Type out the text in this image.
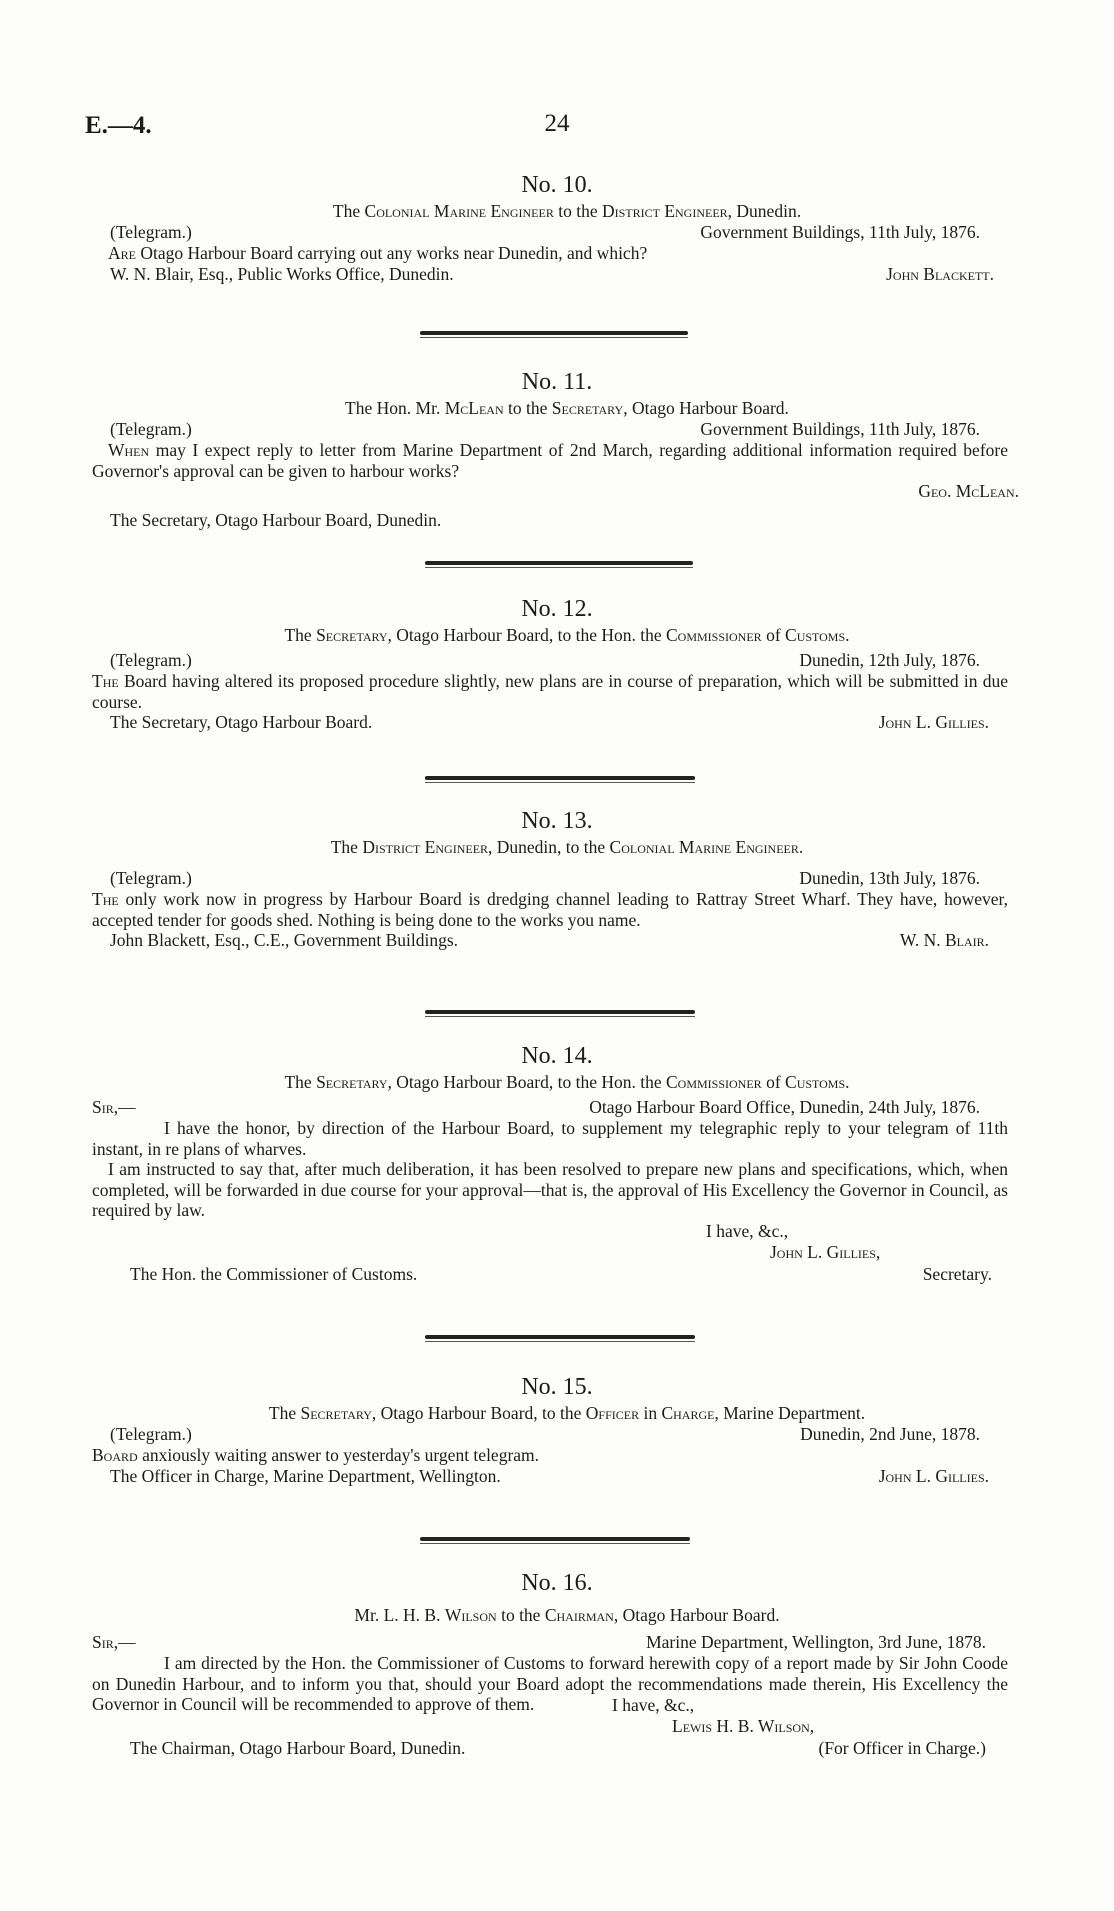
E.—4.	24
No. 10.
The Colonial Marine Engineer to the District Engineer, Dunedin.
(Telegram.)	Government Buildings, 11th July, 1876.
Are Otago Harbour Board carrying out any works near Dunedin, and which?
W. N. Blair, Esq., Public Works Office, Dunedin.	John Blackett.
No. 11.
The Hon. Mr. McLean to the Secretary, Otago Harbour Board.
(Telegram.)	Government Buildings, 11th July, 1876.
When may I expect reply to letter from Marine Department of 2nd March, regarding additional information required before Governor's approval can be given to harbour works?
Geo. McLean.
The Secretary, Otago Harbour Board, Dunedin.
No. 12.
The Secretary, Otago Harbour Board, to the Hon. the Commissioner of Customs.
(Telegram.)	Dunedin, 12th July, 1876.
The Board having altered its proposed procedure slightly, new plans are in course of preparation, which will be submitted in due course.
The Secretary, Otago Harbour Board.	John L. Gillies.
No. 13.
The District Engineer, Dunedin, to the Colonial Marine Engineer.
(Telegram.)	Dunedin, 13th July, 1876.
The only work now in progress by Harbour Board is dredging channel leading to Rattray Street Wharf. They have, however, accepted tender for goods shed. Nothing is being done to the works you name.
John Blackett, Esq., C.E., Government Buildings.	W. N. Blair.
No. 14.
The Secretary, Otago Harbour Board, to the Hon. the Commissioner of Customs.
Sir,—	Otago Harbour Board Office, Dunedin, 24th July, 1876.
I have the honor, by direction of the Harbour Board, to supplement my telegraphic reply to your telegram of 11th instant, in re plans of wharves.
I am instructed to say that, after much deliberation, it has been resolved to prepare new plans and specifications, which, when completed, will be forwarded in due course for your approval—that is, the approval of His Excellency the Governor in Council, as required by law.
I have, &c.,
John L. Gillies,
The Hon. the Commissioner of Customs.	Secretary.
No. 15.
The Secretary, Otago Harbour Board, to the Officer in Charge, Marine Department.
(Telegram.)	Dunedin, 2nd June, 1878.
Board anxiously waiting answer to yesterday's urgent telegram.
The Officer in Charge, Marine Department, Wellington.	John L. Gillies.
No. 16.
Mr. L. H. B. Wilson to the Chairman, Otago Harbour Board.
Sir,—	Marine Department, Wellington, 3rd June, 1878.
I am directed by the Hon. the Commissioner of Customs to forward herewith copy of a report made by Sir John Coode on Dunedin Harbour, and to inform you that, should your Board adopt the recommendations made therein, His Excellency the Governor in Council will be recommended to approve of them.	I have, &c.,
Lewis H. B. Wilson,
The Chairman, Otago Harbour Board, Dunedin.	(For Officer in Charge.)
